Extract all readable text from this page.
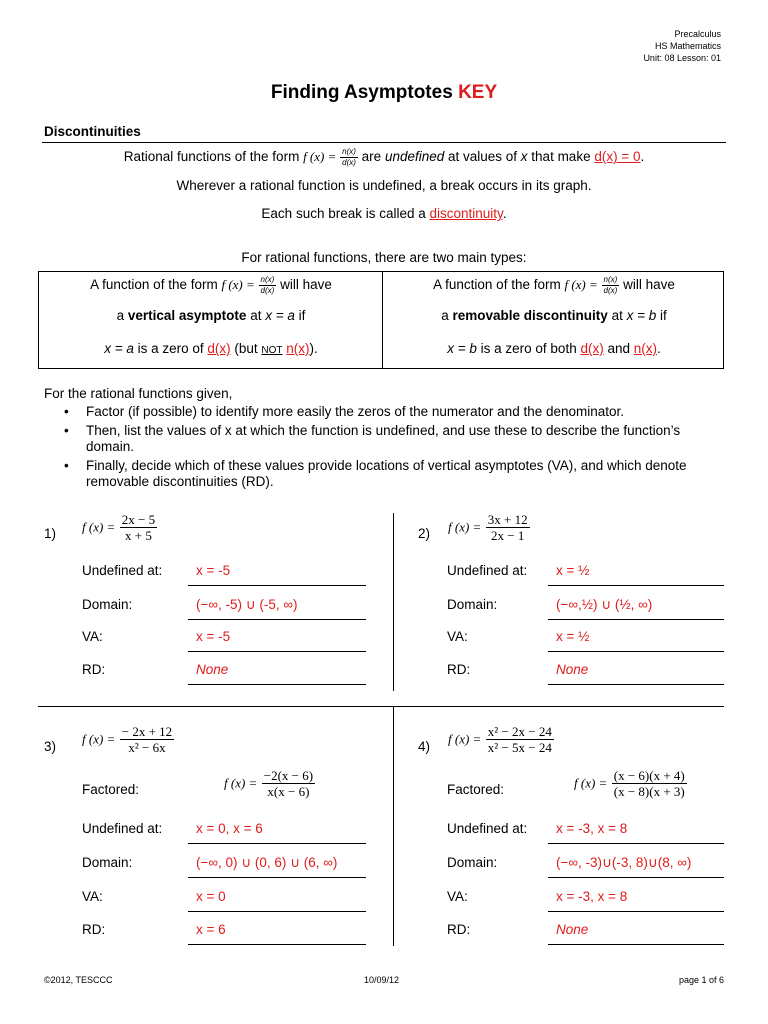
Precalculus
HS Mathematics
Unit: 08 Lesson: 01
Finding Asymptotes KEY
Discontinuities
Rational functions of the form f $(x) = \frac{n(x)}{d(x)}$ are undefined at values of x that make d(x) = 0.
Wherever a rational function is undefined, a break occurs in its graph.
Each such break is called a discontinuity.
For rational functions, there are two main types:
A function of the form f $(x) = \frac{n(x)}{d(x)}$ will have
a vertical asymptote at x = a if
x = a is a zero of d(x) (but NOT n(x)).
A function of the form f $(x) = \frac{n(x)}{d(x)}$ will have
a removable discontinuity at x = b if
x = b is a zero of both d(x) and n(x).
For the rational functions given,
• Factor (if possible) to identify more easily the zeros of the numerator and the denominator.
• Then, list the values of x at which the function is undefined, and use these to describe the function’s domain.
• Finally, decide which of these values provide locations of vertical asymptotes (VA), and which denote removable discontinuities (RD).
1) f $(x) = \frac{2x - 5}{x + 5}$
Undefined at: x = -5
Domain:	(−∞, -5) ∪ (-5, ∞)
VA:	x = -5
RD:	None
2) f $(x) = \frac{3x + 12}{2x - 1}$
Undefined at: x = ½
Domain:	(−∞,½) ∪ (½, ∞)
VA:	x = ½
RD:	None
3) f $(x) = \frac{- 2x + 12}{\text{x² − 6x}}$
Factored:	f $(x) = \frac{-2(x - 6)}{x(x - 6)}$
Undefined at: x = 0, x = 6
Domain:	(−∞, 0) ∪ (0, 6) ∪ (6, ∞)
VA:	x = 0
RD:	x = 6
4) f $(x) = \frac{\text{x² − 2x − 24}}{\text{x² − 5x − 24}}$
Factored:	f $(x) = \frac{(x - 6)(x + 4)}{(x - 8)(x + 3)}$
Undefined at: x = -3, x = 8
Domain:	(−∞, -3)∪(-3, 8)∪(8, ∞)
VA:	x = -3, x = 8
RD:	None
©2012, TESCCC	10/09/12	page 1 of 6
